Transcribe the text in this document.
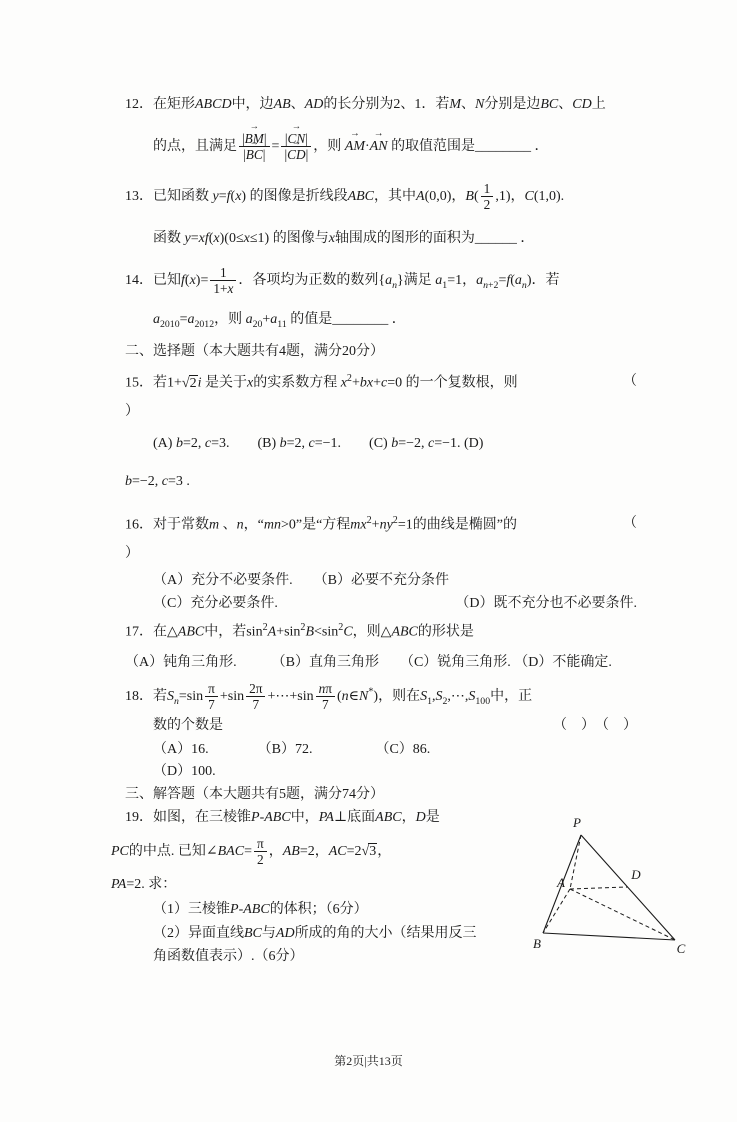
12．在矩形ABCD中，边AB、AD的长分别为2、1．若M、N分别是边BC、CD上

的点，且满足 $\frac{|BM \to|}{|BC \to|} = \frac{|CN \to|}{|CD \to|}$ ，则 AM →·AN → 的取值范围是________ ．

13．已知函数 y=f(x) 的图像是折线段ABC，其中A(0,0)，$B( \frac{1}{2} ,1)$，C(1,0).

函数 y=xf(x)(0≤x≤1) 的图像与x轴围成的图形的面积为______ ．

14．已知$f(x)= \frac{1}{1+x}$ ．各项均为正数的数列$\{a_n\}$满足 $a_1=1$，$a_{n+2}=f(a_n)$．若

$a_{2010}=a_{2012}$，则 $a_{20}+a_{11}$ 的值是________ ．

二、选择题（本大题共有4题，满分20分）

15．若1+√2i 是关于x的实系数方程 $x^2+bx+c=0$ 的一个复数根，则	（

）

(A) b=2, c=3.　　(B) b=2, c=−1.　　(C) b=−2, c=−1. (D)

b=−2, c=3 .

16．对于常数m 、n，“mn>0”是“方程$mx^2+ny^2=1$的曲线是椭圆”的	（

）

（A）充分不必要条件.　　（B）必要不充分条件

（C）充分必要条件.	（D）既不充分也不必要条件.

17．在△ABC中，若$\sin^2A+\sin^2B<\sin^2C$，则△ABC的形状是

（A）钝角三角形.　　　（B）直角三角形　　（C）锐角三角形. （D）不能确定.

18．若$S_n=\sin \frac{\pi}{7} +\sin \frac{2\pi}{7}$ +⋯+sin $\frac{n\pi}{7}$ (n∈N*)，则在$S_1,S_2,\cdots,S_{100}$中，正

数的个数是	（　）　（　）

（A）16.　　　　（B）72.　　　　　（C）86.

（D）100.

三、解答题（本大题共有5题，满分74分）

19．如图，在三棱锥P-ABC中，PA⊥底面ABC，D是

PC的中点. 已知∠BAC= $\frac{\pi}{2}$ ，AB=2，AC=2√3，

PA=2. 求：

（1）三棱锥P-ABC的体积；（6分）

（2）异面直线BC与AD所成的角的大小（结果用反三

角函数值表示）.（6分）

P
A
B	C
D
第2页|共13页
